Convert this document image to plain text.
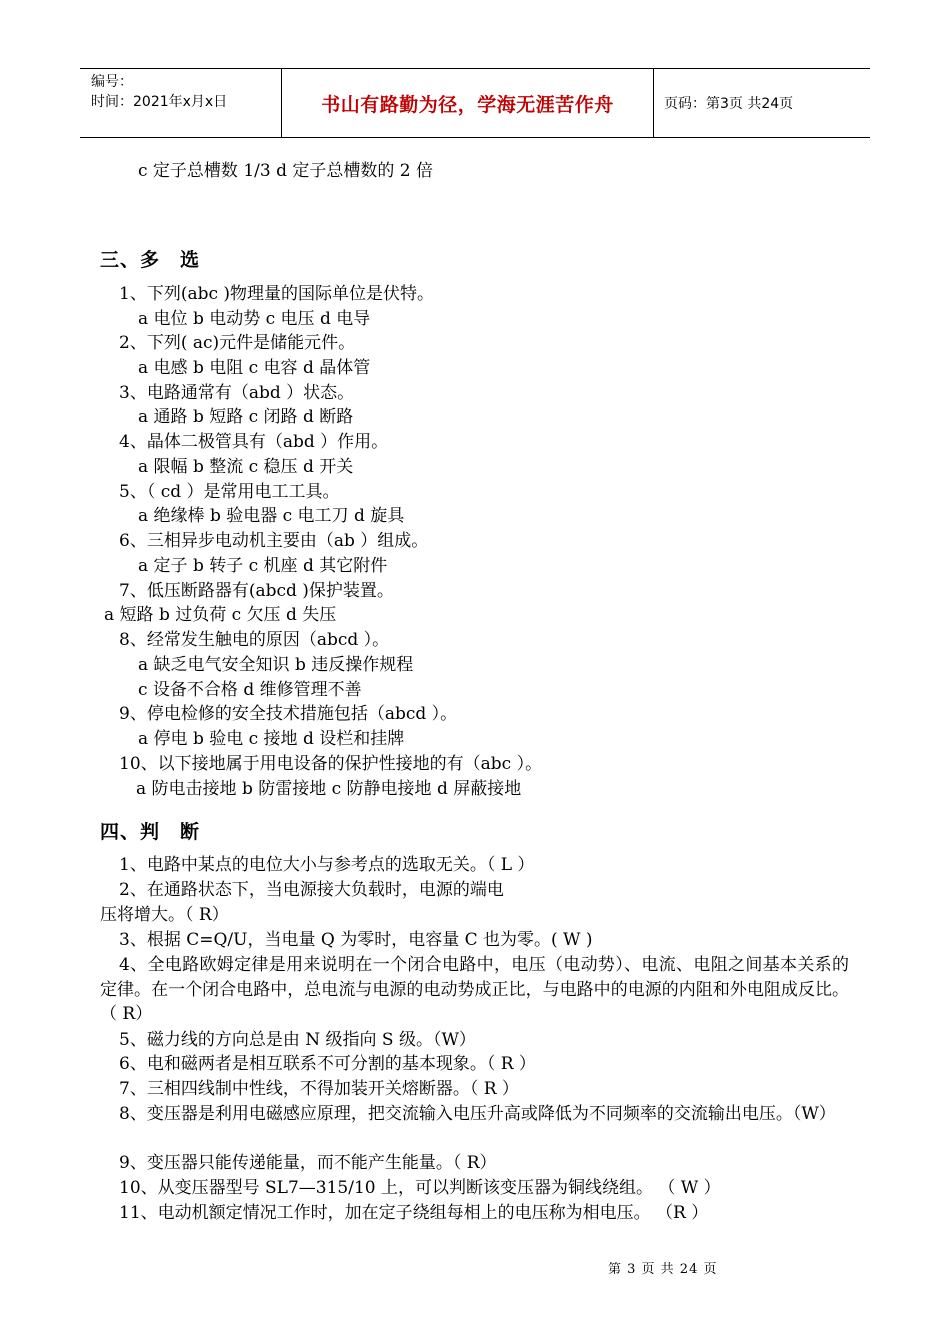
编号：
时间：2021年x月x日	书山有路勤为径，学海无涯苦作舟	页码：第3页 共24页
c 定子总槽数 1/3 d 定子总槽数的 2 倍
三、多　选
1、下列(abc )物理量的国际单位是伏特。
a 电位 b 电动势 c 电压 d 电导
2、下列( ac)元件是储能元件。
a 电感 b 电阻 c 电容 d 晶体管
3、电路通常有（abd ）状态。
a 通路 b 短路 c 闭路 d 断路
4、晶体二极管具有（abd ）作用。
a 限幅 b 整流 c 稳压 d 开关
5、（ cd ）是常用电工工具。
a 绝缘棒 b 验电器 c 电工刀 d 旋具
6、三相异步电动机主要由（ab ）组成。
a 定子 b 转子 c 机座 d 其它附件
7、低压断路器有(abcd )保护装置。
a 短路 b 过负荷 c 欠压 d 失压
8、经常发生触电的原因（abcd ）。
a 缺乏电气安全知识 b 违反操作规程
c 设备不合格 d 维修管理不善
9、停电检修的安全技术措施包括（abcd ）。
a 停电 b 验电 c 接地 d 设栏和挂牌
10、以下接地属于用电设备的保护性接地的有（abc ）。
a 防电击接地 b 防雷接地 c 防静电接地 d 屏蔽接地
四、判　断
1、电路中某点的电位大小与参考点的选取无关。（ L ）
2、在通路状态下，当电源接大负载时，电源的端电
压将增大。（ R）
3、根据 C=Q/U，当电量 Q 为零时，电容量 C 也为零。( W )
4、全电路欧姆定律是用来说明在一个闭合电路中，电压（电动势）、电流、电阻之间基本关系的定律。在一个闭合电路中，总电流与电源的电动势成正比，与电路中的电源的内阻和外电阻成反比。（ R）
5、磁力线的方向总是由 N 级指向 S 级。（W）
6、电和磁两者是相互联系不可分割的基本现象。（ R ）
7、三相四线制中性线，不得加装开关熔断器。（ R ）
8、变压器是利用电磁感应原理，把交流输入电压升高或降低为不同频率的交流输出电压。（W）
9、变压器只能传递能量，而不能产生能量。（ R）
10、从变压器型号 SL7—315/10 上，可以判断该变压器为铜线绕组。 （ W ）
11、电动机额定情况工作时，加在定子绕组每相上的电压称为相电压。 （R ）
第 3 页 共 24 页
